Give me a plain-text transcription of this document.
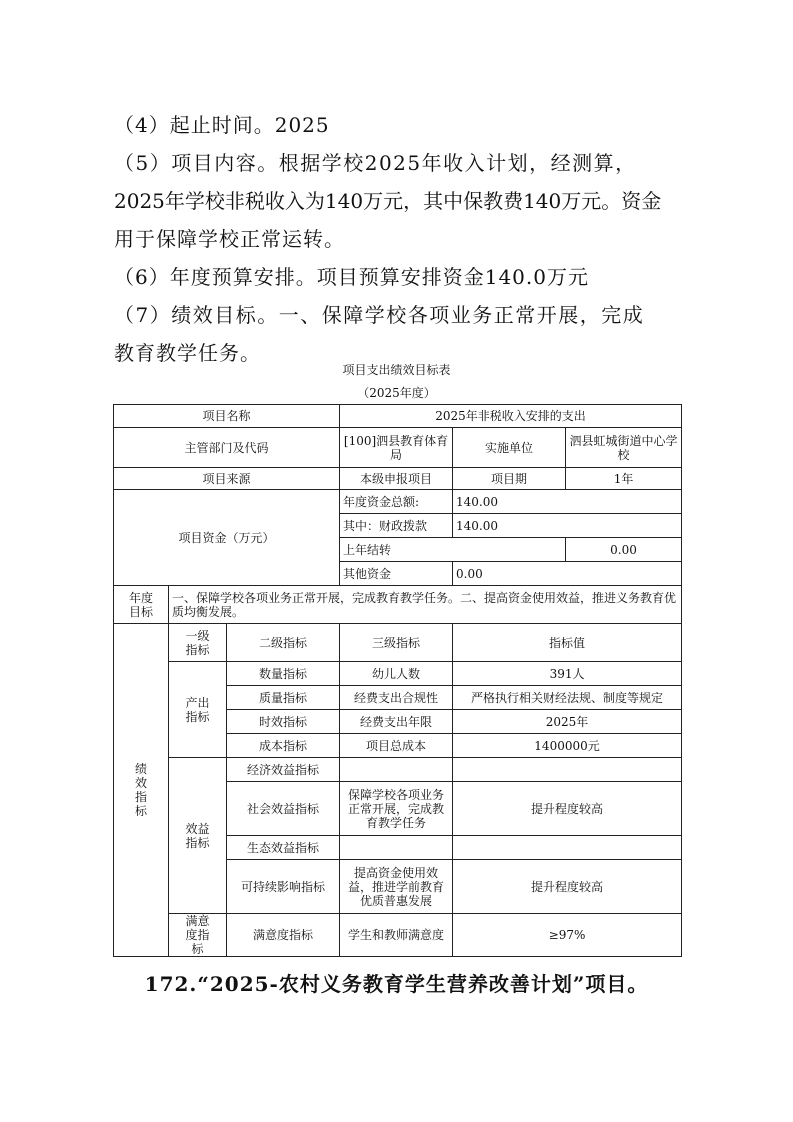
（4）起止时间。2025

（5）项目内容。根据学校2025年收入计划，经测算，

2025年学校非税收入为140万元，其中保教费140万元。资金

用于保障学校正常运转。

（6）年度预算安排。项目预算安排资金140.0万元

（7）绩效目标。一、保障学校各项业务正常开展，完成

教育教学任务。

项目支出绩效目标表
（2025年度）
项目名称			2025年非税收入安排的支出		
主管部门及代码			[100]泗县教育体育局	实施单位	泗县虹城街道中心学校
项目来源			本级申报项目	项目期	1年
项目资金（万元）			年度资金总额:	140.00	
			其中：财政拨款	140.00	
			上年结转		0.00
			其他资金	0.00	
年度目标	一、保障学校各项业务正常开展，完成教育教学任务。二、提高资金使用效益，推进义务教育优质均衡发展。				
绩效指标	一级指标	二级指标	三级指标	指标值	
	产出指标	数量指标	幼儿人数	391人	
		质量指标	经费支出合规性	严格执行相关财经法规、制度等规定	
		时效指标	经费支出年限	2025年	
		成本指标	项目总成本	1400000元	
	效益指标	经济效益指标			
		社会效益指标	保障学校各项业务正常开展，完成教育教学任务	提升程度较高	
		生态效益指标			
		可持续影响指标	提高资金使用效益，推进学前教育优质普惠发展	提升程度较高	
	满意度指标	满意度指标	学生和教师满意度	≥97%	
172.“2025-农村义务教育学生营养改善计划”项目。
